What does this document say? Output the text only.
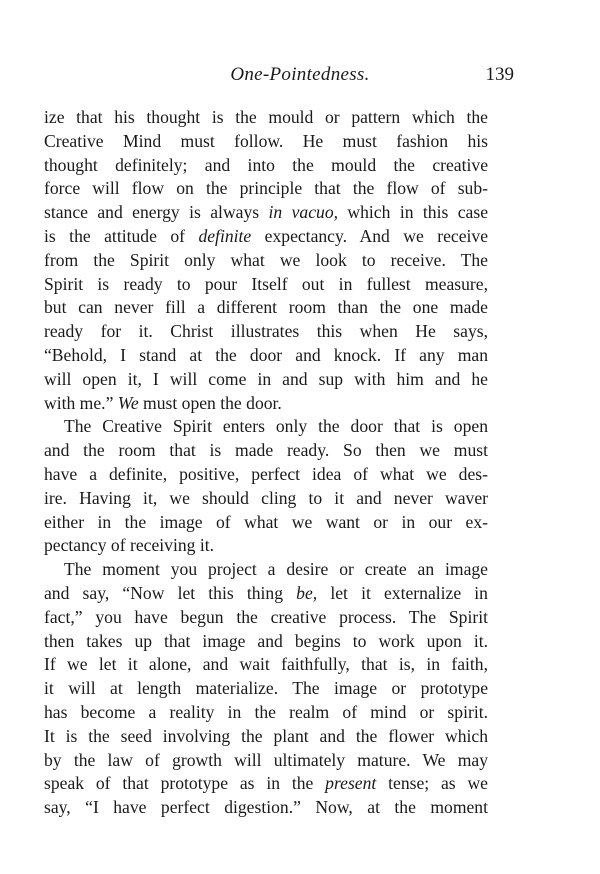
One-Pointedness.	139

ize that his thought is the mould or pattern which the
Creative Mind must follow. He must fashion his
thought definitely; and into the mould the creative
force will flow on the principle that the flow of sub-
stance and energy is always in vacuo, which in this case
is the attitude of definite expectancy. And we receive
from the Spirit only what we look to receive. The
Spirit is ready to pour Itself out in fullest measure,
but can never fill a different room than the one made
ready for it. Christ illustrates this when He says,
“Behold, I stand at the door and knock. If any man
will open it, I will come in and sup with him and he
with me.” We must open the door.

The Creative Spirit enters only the door that is open
and the room that is made ready. So then we must
have a definite, positive, perfect idea of what we des-
ire. Having it, we should cling to it and never waver
either in the image of what we want or in our ex-
pectancy of receiving it.

The moment you project a desire or create an image
and say, “Now let this thing be, let it externalize in
fact,” you have begun the creative process. The Spirit
then takes up that image and begins to work upon it.
If we let it alone, and wait faithfully, that is, in faith,
it will at length materialize. The image or prototype
has become a reality in the realm of mind or spirit.
It is the seed involving the plant and the flower which
by the law of growth will ultimately mature. We may
speak of that prototype as in the present tense; as we
say, “I have perfect digestion.” Now, at the moment
